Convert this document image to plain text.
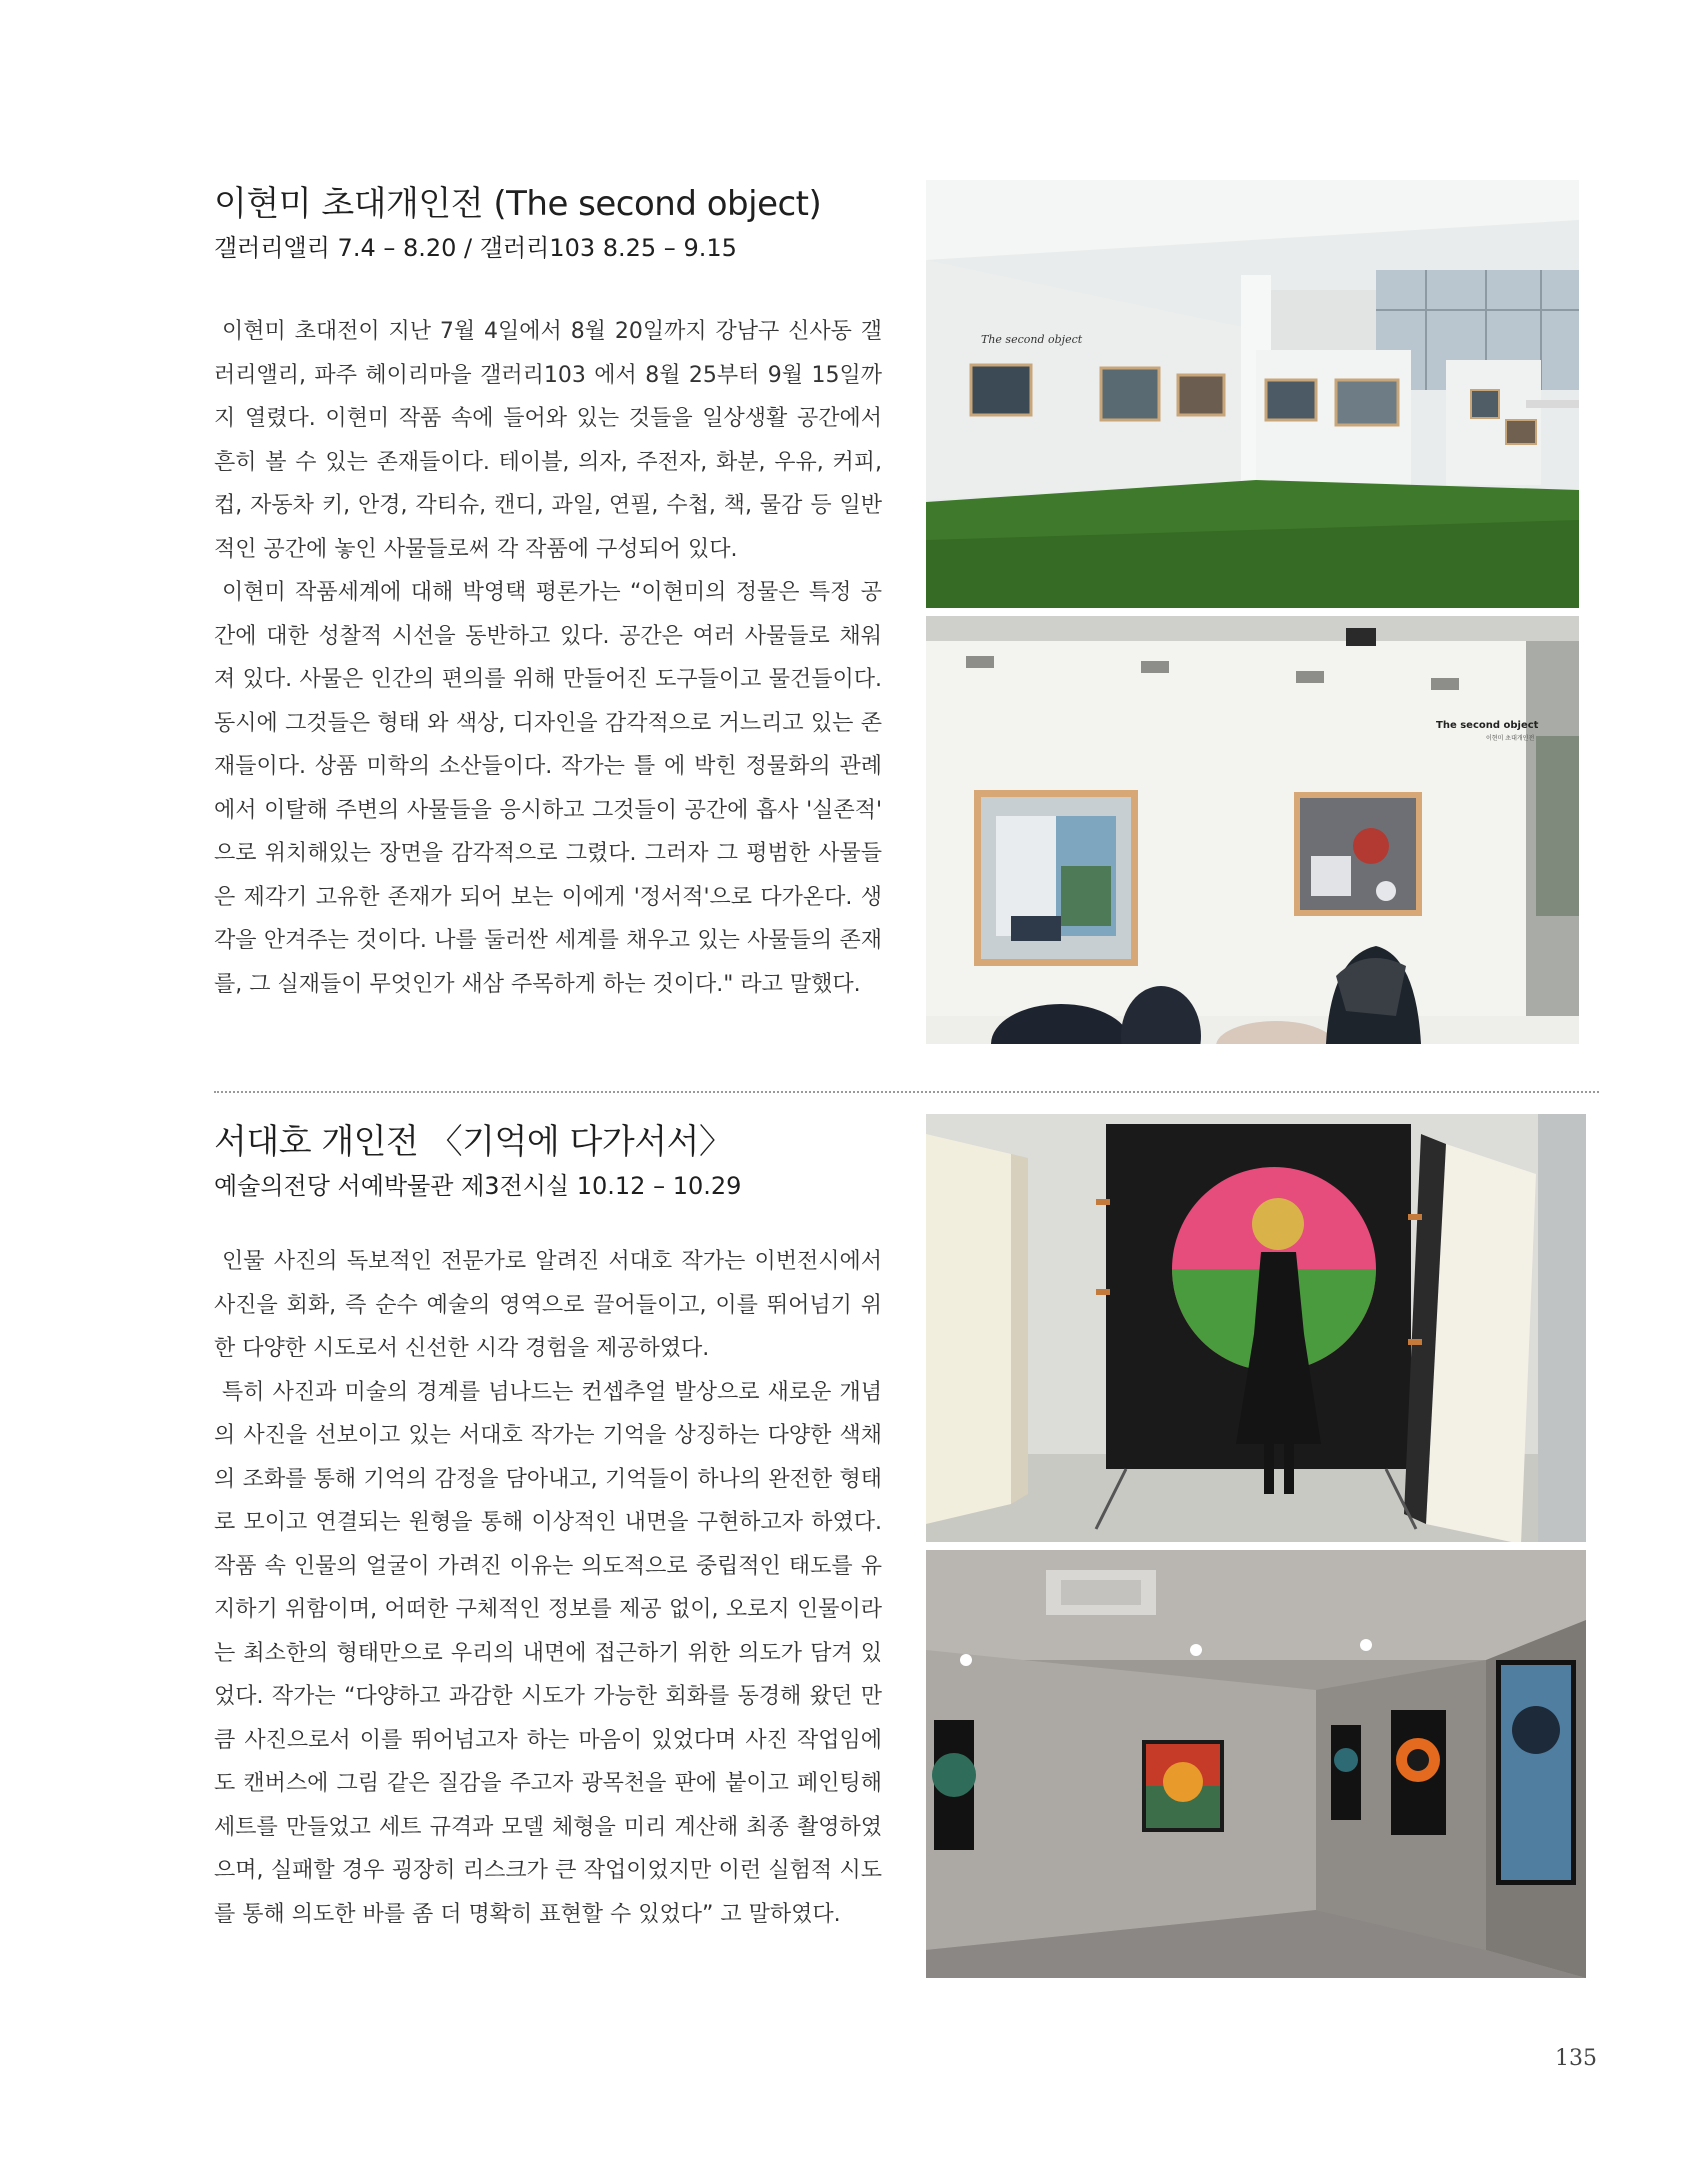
이현미 초대개인전 (The second object)
갤러리앨리 7.4 – 8.20 / 갤러리103 8.25 – 9.15

이현미 초대전이 지난 7월 4일에서 8월 20일까지 강남구 신사동 갤러리앨리, 파주 헤이리마을 갤러리103 에서 8월 25부터 9월 15일까지 열렸다. 이현미 작품 속에 들어와 있는 것들을 일상생활 공간에서 흔히 볼 수 있는 존재들이다. 테이블, 의자, 주전자, 화분, 우유, 커피, 컵, 자동차 키, 안경, 각티슈, 캔디, 과일, 연필, 수첩, 책, 물감 등 일반적인 공간에 놓인 사물들로써 각 작품에 구성되어 있다.

이현미 작품세계에 대해 박영택 평론가는 “이현미의 정물은 특정 공간에 대한 성찰적 시선을 동반하고 있다. 공간은 여러 사물들로 채워 져 있다. 사물은 인간의 편의를 위해 만들어진 도구들이고 물건들이다. 동시에 그것들은 형태 와 색상, 디자인을 감각적으로 거느리고 있는 존재들이다. 상품 미학의 소산들이다. 작가는 틀 에 박힌 정물화의 관례에서 이탈해 주변의 사물들을 응시하고 그것들이 공간에 흡사 '실존적' 으로 위치해있는 장면을 감각적으로 그렸다. 그러자 그 평범한 사물들은 제각기 고유한 존재가 되어 보는 이에게 '정서적'으로 다가온다. 생각을 안겨주는 것이다. 나를 둘러싼 세계를 채우고 있는 사물들의 존재를, 그 실재들이 무엇인가 새삼 주목하게 하는 것이다." 라고 말했다.

The second object
The second object
이현미 초대개인전
서대호 개인전 〈기억에 다가서서〉
예술의전당 서예박물관 제3전시실 10.12 – 10.29

인물 사진의 독보적인 전문가로 알려진 서대호 작가는 이번전시에서 사진을 회화, 즉 순수 예술의 영역으로 끌어들이고, 이를 뛰어넘기 위한 다양한 시도로서 신선한 시각 경험을 제공하였다.

특히 사진과 미술의 경계를 넘나드는 컨셉추얼 발상으로 새로운 개념의 사진을 선보이고 있는 서대호 작가는 기억을 상징하는 다양한 색채의 조화를 통해 기억의 감정을 담아내고, 기억들이 하나의 완전한 형태로 모이고 연결되는 원형을 통해 이상적인 내면을 구현하고자 하였다. 작품 속 인물의 얼굴이 가려진 이유는 의도적으로 중립적인 태도를 유지하기 위함이며, 어떠한 구체적인 정보를 제공 없이, 오로지 인물이라는 최소한의 형태만으로 우리의 내면에 접근하기 위한 의도가 담겨 있었다. 작가는 “다양하고 과감한 시도가 가능한 회화를 동경해 왔던 만큼 사진으로서 이를 뛰어넘고자 하는 마음이 있었다며 사진 작업임에도 캔버스에 그림 같은 질감을 주고자 광목천을 판에 붙이고 페인팅해 세트를 만들었고 세트 규격과 모델 체형을 미리 계산해 최종 촬영하였으며, 실패할 경우 굉장히 리스크가 큰 작업이었지만 이런 실험적 시도를 통해 의도한 바를 좀 더 명확히 표현할 수 있었다” 고 말하였다.

135
